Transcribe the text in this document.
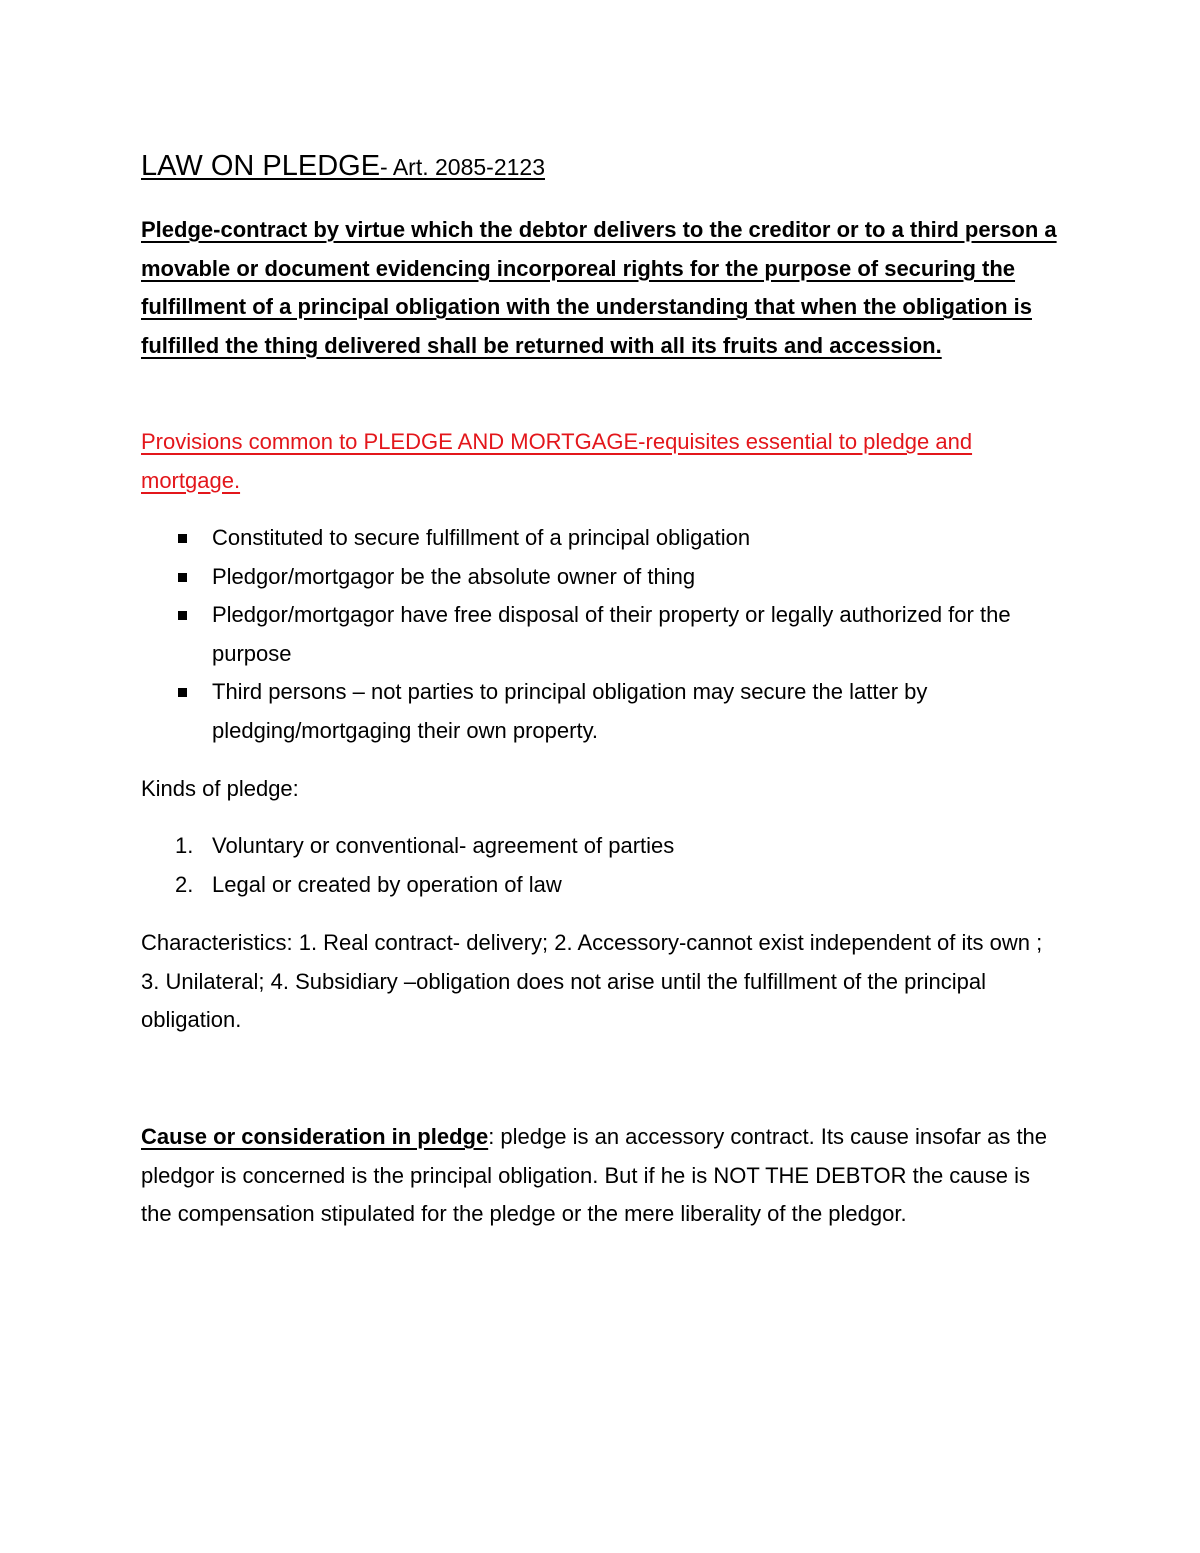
LAW ON PLEDGE- Art. 2085-2123

Pledge-contract by virtue which the debtor delivers to the creditor or to a third person a movable or document evidencing incorporeal rights for the purpose of securing the fulfillment of a principal obligation with the understanding that when the obligation is fulfilled the thing delivered shall be returned with all its fruits and accession.

Provisions common to PLEDGE AND MORTGAGE-requisites essential to pledge and mortgage.

Constituted to secure fulfillment of a principal obligation
Pledgor/mortgagor be the absolute owner of thing
Pledgor/mortgagor have free disposal of their property or legally authorized for the purpose
Third persons – not parties to principal obligation may secure the latter by pledging/mortgaging their own property.

Kinds of pledge:

1. Voluntary or conventional- agreement of parties
2. Legal or created by operation of law

Characteristics: 1. Real contract- delivery; 2. Accessory-cannot exist independent of its own ; 3. Unilateral; 4. Subsidiary –obligation does not arise until the fulfillment of the principal obligation.

Cause or consideration in pledge: pledge is an accessory contract. Its cause insofar as the pledgor is concerned is the principal obligation. But if he is NOT THE DEBTOR the cause is the compensation stipulated for the pledge or the mere liberality of the pledgor.
